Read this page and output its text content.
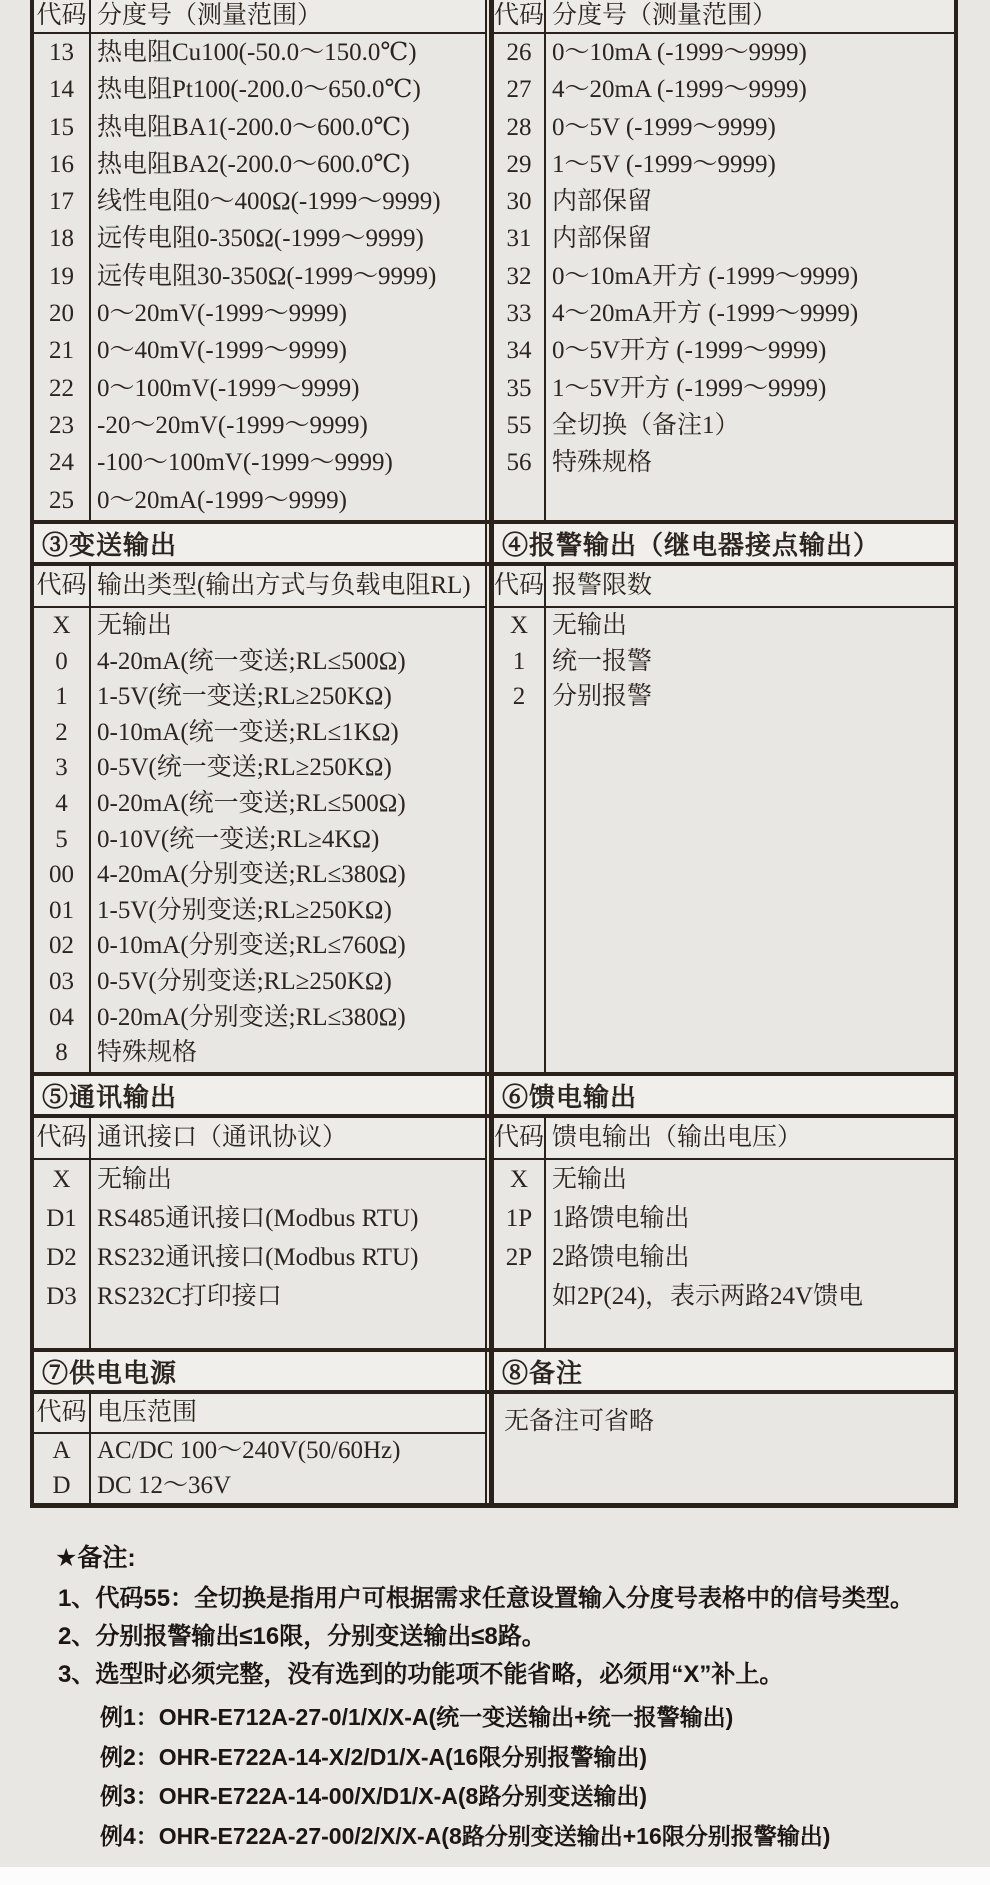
代码 分度号（测量范围）
13 热电阻Cu100(-50.0～150.0℃)
14 热电阻Pt100(-200.0～650.0℃)
15 热电阻BA1(-200.0～600.0℃)
16 热电阻BA2(-200.0～600.0℃)
17 线性电阻0～400Ω(-1999～9999)
18 远传电阻0-350Ω(-1999～9999)
19 远传电阻30-350Ω(-1999～9999)
20 0～20mV(-1999～9999)
21 0～40mV(-1999～9999)
22 0～100mV(-1999～9999)
23 -20～20mV(-1999～9999)
24 -100～100mV(-1999～9999)
25 0～20mA(-1999～9999)
代码 分度号（测量范围）
26 0～10mA (-1999～9999)
27 4～20mA (-1999～9999)
28 0～5V (-1999～9999)
29 1～5V (-1999～9999)
30 内部保留
31 内部保留
32 0～10mA开方 (-1999～9999)
33 4～20mA开方 (-1999～9999)
34 0～5V开方 (-1999～9999)
35 1～5V开方 (-1999～9999)
55 全切换（备注1）
56 特殊规格
③变送输出	④报警输出（继电器接点输出）
代码 输出类型(输出方式与负载电阻RL)
X	无输出
0	4-20mA(统一变送;RL≤500Ω)
1	1-5V(统一变送;RL≥250KΩ)
2	0-10mA(统一变送;RL≤1KΩ)
3	0-5V(统一变送;RL≥250KΩ)
4	0-20mA(统一变送;RL≤500Ω)
5	0-10V(统一变送;RL≥4KΩ)
00 4-20mA(分别变送;RL≤380Ω)
01 1-5V(分别变送;RL≥250KΩ)
02 0-10mA(分别变送;RL≤760Ω)
03 0-5V(分别变送;RL≥250KΩ)
04 0-20mA(分别变送;RL≤380Ω)
8	特殊规格
代码 报警限数
X 无输出
1	统一报警
2	分别报警
⑤通讯输出	⑥馈电输出
代码 通讯接口（通讯协议）
X	无输出
D1 RS485通讯接口(Modbus RTU)
D2 RS232通讯接口(Modbus RTU)
D3 RS232C打印接口
代码 馈电输出（输出电压）
X 无输出
1P 1路馈电输出
2P 2路馈电输出
如2P(24)，表示两路24V馈电
⑦供电电源	⑧备注
代码 电压范围
A	AC/DC 100～240V(50/60Hz)
D	DC 12～36V
无备注可省略
★备注:
1、代码55：全切换是指用户可根据需求任意设置输入分度号表格中的信号类型。
2、分别报警输出≤16限，分别变送输出≤8路。
3、选型时必须完整，没有选到的功能项不能省略，必须用“X”补上。
例1：OHR-E712A-27-0/1/X/X-A(统一变送输出+统一报警输出)
例2：OHR-E722A-14-X/2/D1/X-A(16限分别报警输出)
例3：OHR-E722A-14-00/X/D1/X-A(8路分别变送输出)
例4：OHR-E722A-27-00/2/X/X-A(8路分别变送输出+16限分别报警输出)
